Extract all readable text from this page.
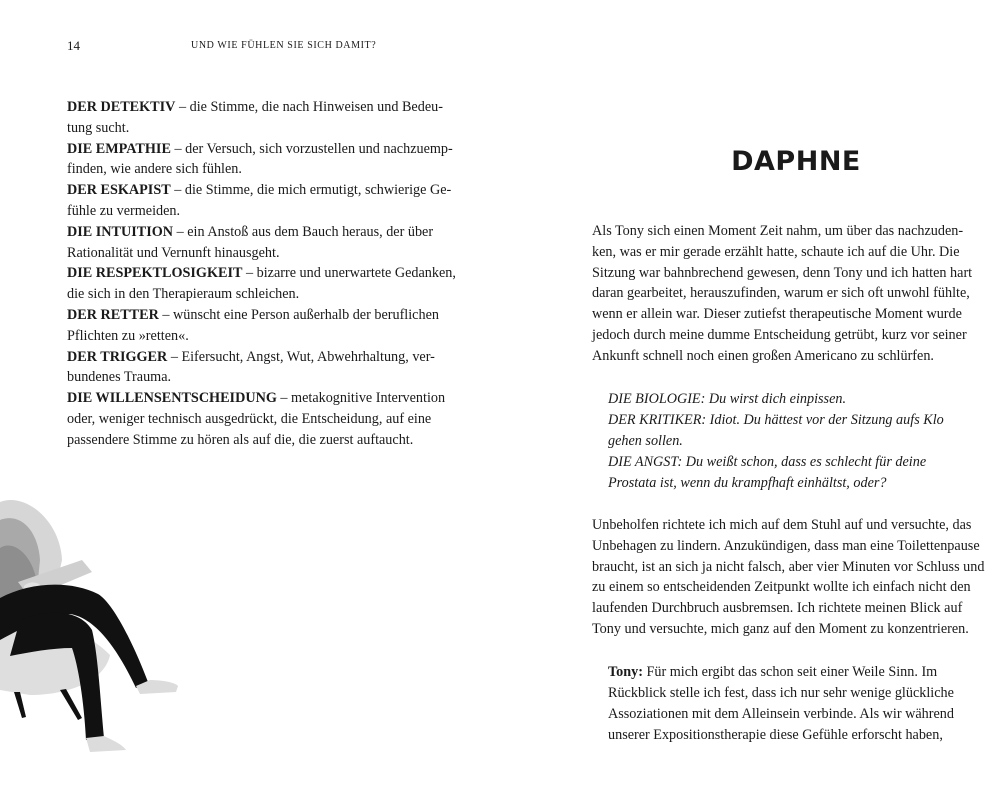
14	UND WIE FÜHLEN SIE SICH DAMIT?

DER DETEKTIV – die Stimme, die nach Hinweisen und Bedeu-
tung sucht.

DIE EMPATHIE – der Versuch, sich vorzustellen und nachzuemp-
finden, wie andere sich fühlen.

DER ESKAPIST – die Stimme, die mich ermutigt, schwierige Ge-
fühle zu vermeiden.

DIE INTUITION – ein Anstoß aus dem Bauch heraus, der über
Rationalität und Vernunft hinausgeht.

DIE RESPEKTLOSIGKEIT – bizarre und unerwartete Gedanken,
die sich in den Therapieraum schleichen.

DER RETTER – wünscht eine Person außerhalb der beruflichen
Pflichten zu »retten«.

DER TRIGGER – Eifersucht, Angst, Wut, Abwehrhaltung, ver-
bundenes Trauma.

DIE WILLENSENTSCHEIDUNG – metakognitive Intervention
oder, weniger technisch ausgedrückt, die Entscheidung, auf eine
passendere Stimme zu hören als auf die, die zuerst auftaucht.

DAPHNE

Als Tony sich einen Moment Zeit nahm, um über das nachzuden-
ken, was er mir gerade erzählt hatte, schaute ich auf die Uhr. Die
Sitzung war bahnbrechend gewesen, denn Tony und ich hatten hart
daran gearbeitet, herauszufinden, warum er sich oft unwohl fühlte,
wenn er allein war. Dieser zutiefst therapeutische Moment wurde
jedoch durch meine dumme Entscheidung getrübt, kurz vor seiner
Ankunft schnell noch einen großen Americano zu schlürfen.

DIE BIOLOGIE: Du wirst dich einpissen.

DER KRITIKER: Idiot. Du hättest vor der Sitzung aufs Klo
gehen sollen.

DIE ANGST: Du weißt schon, dass es schlecht für deine
Prostata ist, wenn du krampfhaft einhältst, oder?

Unbeholfen richtete ich mich auf dem Stuhl auf und versuchte, das
Unbehagen zu lindern. Anzukündigen, dass man eine Toilettenpause
braucht, ist an sich ja nicht falsch, aber vier Minuten vor Schluss und
zu einem so entscheidenden Zeitpunkt wollte ich einfach nicht den
laufenden Durchbruch ausbremsen. Ich richtete meinen Blick auf
Tony und versuchte, mich ganz auf den Moment zu konzentrieren.

Tony: Für mich ergibt das schon seit einer Weile Sinn. Im
Rückblick stelle ich fest, dass ich nur sehr wenige glückliche
Assoziationen mit dem Alleinsein verbinde. Als wir während
unserer Expositionstherapie diese Gefühle erforscht haben,
